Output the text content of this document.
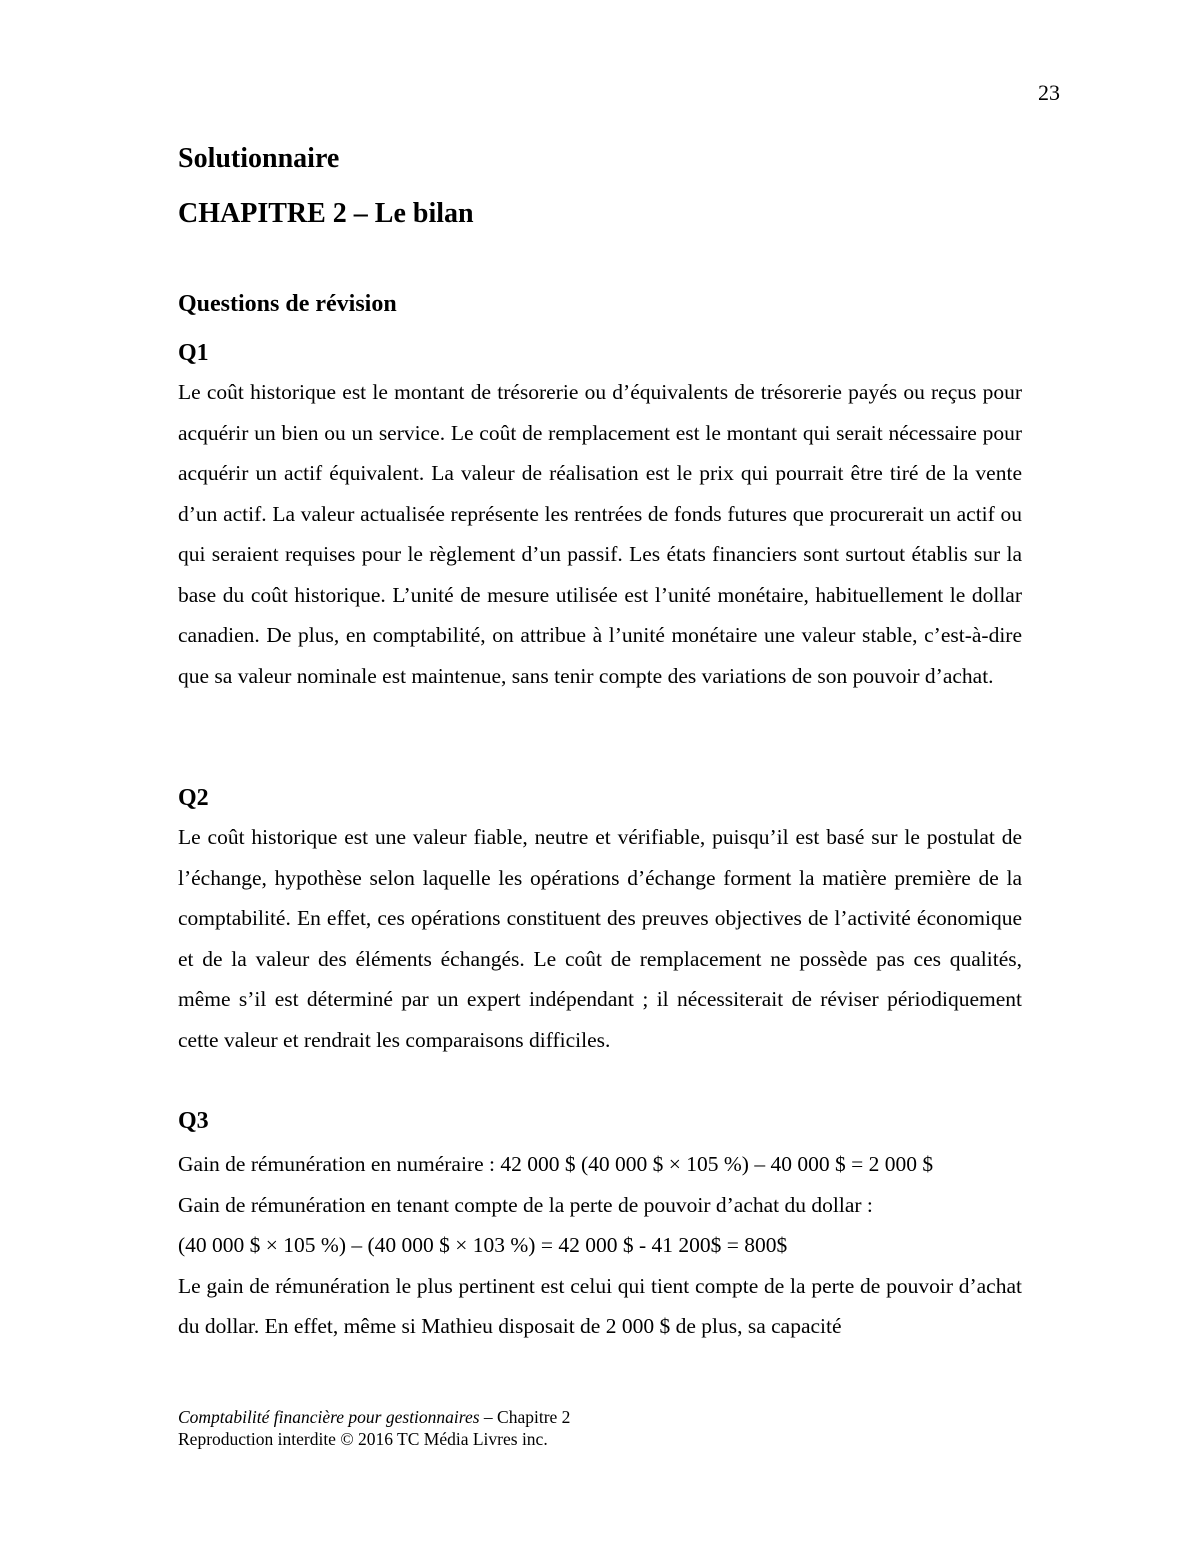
23
Solutionnaire
CHAPITRE 2 – Le bilan
Questions de révision
Q1

Le coût historique est le montant de trésorerie ou d’équivalents de trésorerie payés ou reçus pour acquérir un bien ou un service. Le coût de remplacement est le montant qui serait nécessaire pour acquérir un actif équivalent. La valeur de réalisation est le prix qui pourrait être tiré de la vente d’un actif. La valeur actualisée représente les rentrées de fonds futures que procurerait un actif ou qui seraient requises pour le règlement d’un passif. Les états financiers sont surtout établis sur la base du coût historique. L’unité de mesure utilisée est l’unité monétaire, habituellement le dollar canadien. De plus, en comptabilité, on attribue à l’unité monétaire une valeur stable, c’est-à-dire que sa valeur nominale est maintenue, sans tenir compte des variations de son pouvoir d’achat.

Q2

Le coût historique est une valeur fiable, neutre et vérifiable, puisqu’il est basé sur le postulat de l’échange, hypothèse selon laquelle les opérations d’échange forment la matière première de la comptabilité. En effet, ces opérations constituent des preuves objectives de l’activité économique et de la valeur des éléments échangés. Le coût de remplacement ne possède pas ces qualités, même s’il est déterminé par un expert indépendant ; il nécessiterait de réviser périodiquement cette valeur et rendrait les comparaisons difficiles.

Q3
Gain de rémunération en numéraire : 42 000 $ (40 000 $ × 105 %) – 40 000 $ = 2 000 $
Gain de rémunération en tenant compte de la perte de pouvoir d’achat du dollar :
(40 000 $ × 105 %) – (40 000 $ × 103 %) = 42 000 $ - 41 200$ = 800$
Le gain de rémunération le plus pertinent est celui qui tient compte de la perte de pouvoir d’achat du dollar. En effet, même si Mathieu disposait de 2 000 $ de plus, sa capacité
Comptabilité financière pour gestionnaires – Chapitre 2
Reproduction interdite © 2016 TC Média Livres inc.
